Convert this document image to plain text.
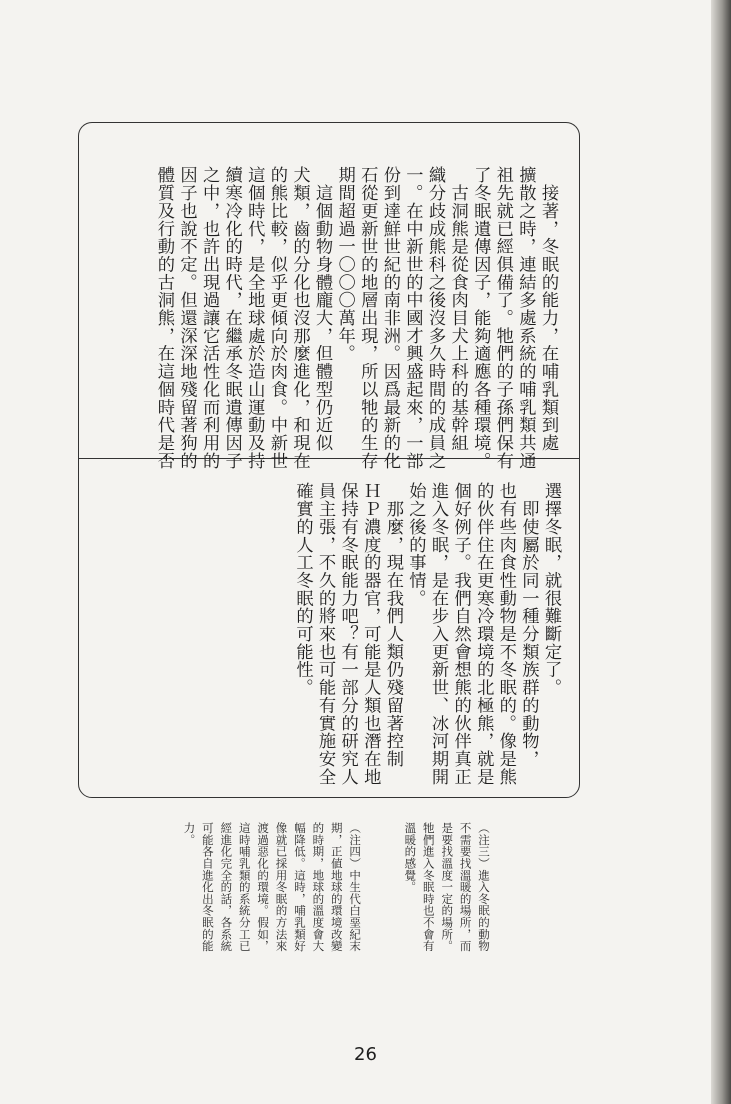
　接著，冬眠的能力，在哺乳類到處
擴散之時，連結多處系統的哺乳類共通
祖先就已經俱備了。牠們的子孫們保有
了冬眠遺傳因子，能夠適應各種環境。
　古洞熊是從食肉目犬上科的基幹組
織分歧成熊科之後沒多久時間的成員之
一。在中新世的中國才興盛起來，一部
份到達鮮世紀的南非洲。因爲最新的化
石從更新世的地層出現，所以牠的生存
期間超過一〇〇〇萬年。
　這個動物身體龐大，但體型仍近似
犬類，齒的分化也沒那麼進化，和現在
的熊比較，似乎更傾向於肉食。中新世
這個時代，是全地球處於造山運動及持
續寒冷化的時代，在繼承冬眠遺傳因子
之中，也許出現過讓它活性化而利用的
因子也說不定。但還深深地殘留著狗的
體質及行動的古洞熊，在這個時代是否
選擇冬眠，就很難斷定了。
　即使屬於同一種分類族群的動物，
也有些肉食性動物是不冬眠的。像是熊
的伙伴住在更寒冷環境的北極熊，就是
個好例子。我們自然會想熊的伙伴真正
進入冬眠，是在步入更新世、冰河期開
始之後的事情。
　那麼，現在我們人類仍殘留著控制
ＨＰ濃度的器官，可能是人類也潛在地
保持有冬眠能力吧？有一部分的研究人
員主張，不久的將來也可能有實施安全
確實的人工冬眠的可能性。
（注三）進入冬眠的動物
不需要找溫暖的場所，而
是要找溫度一定的場所。
牠們進入冬眠時也不會有
溫暖的感覺。

（注四）中生代白堊紀末
期，正値地球的環境改變
的時期，地球的溫度會大
幅降低。這時，哺乳類好
像就已採用冬眠的方法來
渡過惡化的環境。假如，
這時哺乳類的系統分工已
經進化完全的話，各系統
可能各自進化出冬眠的能
力。
26
